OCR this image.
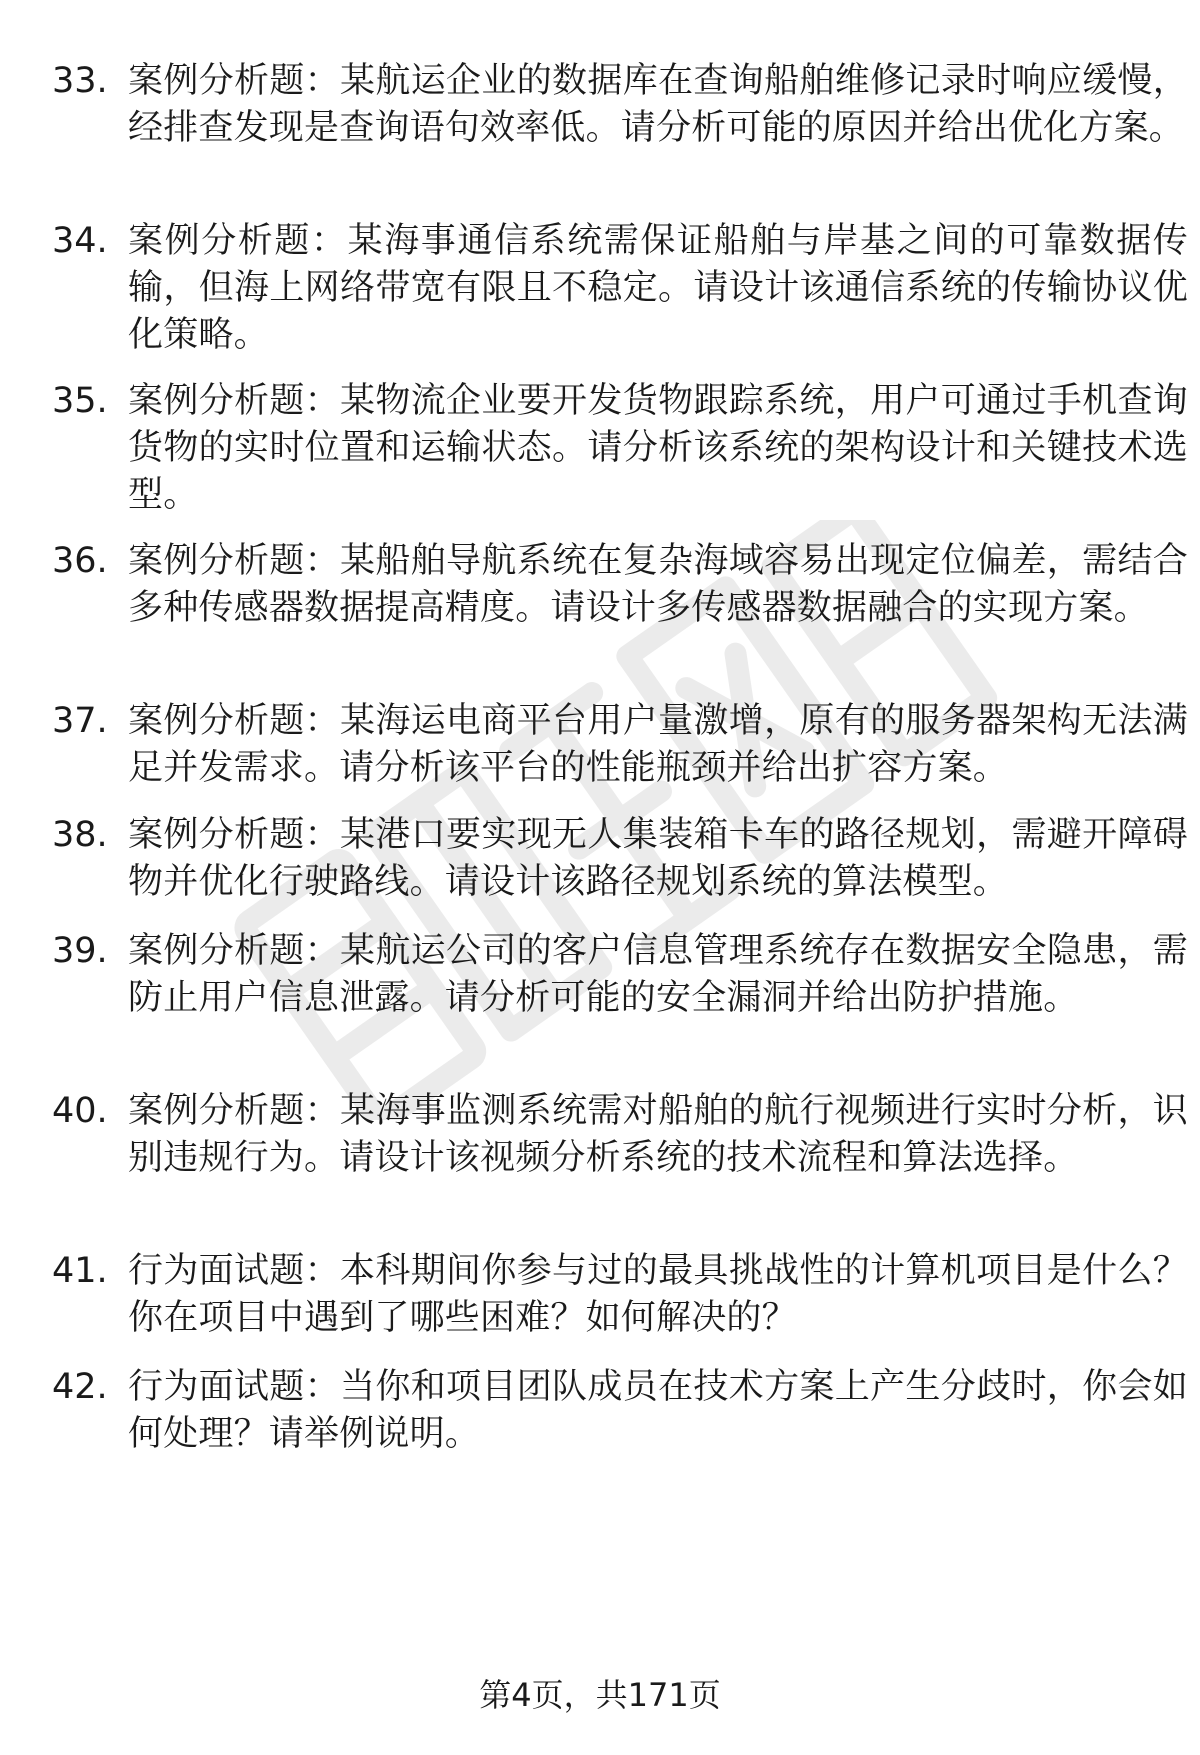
33. 案例分析题：某航运企业的数据库在查询船舶维修记录时响应缓慢，经排查发现是查询语句效率低。请分析可能的原因并给出优化方案。
34. 案例分析题：某海事通信系统需保证船舶与岸基之间的可靠数据传输，但海上网络带宽有限且不稳定。请设计该通信系统的传输协议优化策略。
35. 案例分析题：某物流企业要开发货物跟踪系统，用户可通过手机查询货物的实时位置和运输状态。请分析该系统的架构设计和关键技术选型。
36. 案例分析题：某船舶导航系统在复杂海域容易出现定位偏差，需结合多种传感器数据提高精度。请设计多传感器数据融合的实现方案。
37. 案例分析题：某海运电商平台用户量激增，原有的服务器架构无法满足并发需求。请分析该平台的性能瓶颈并给出扩容方案。
38. 案例分析题：某港口要实现无人集装箱卡车的路径规划，需避开障碍物并优化行驶路线。请设计该路径规划系统的算法模型。
39. 案例分析题：某航运公司的客户信息管理系统存在数据安全隐患，需防止用户信息泄露。请分析可能的安全漏洞并给出防护措施。
40. 案例分析题：某海事监测系统需对船舶的航行视频进行实时分析，识别违规行为。请设计该视频分析系统的技术流程和算法选择。
41. 行为面试题：本科期间你参与过的最具挑战性的计算机项目是什么？你在项目中遇到了哪些困难？如何解决的？
42. 行为面试题：当你和项目团队成员在技术方案上产生分歧时，你会如何处理？请举例说明。
第4页，共171页
